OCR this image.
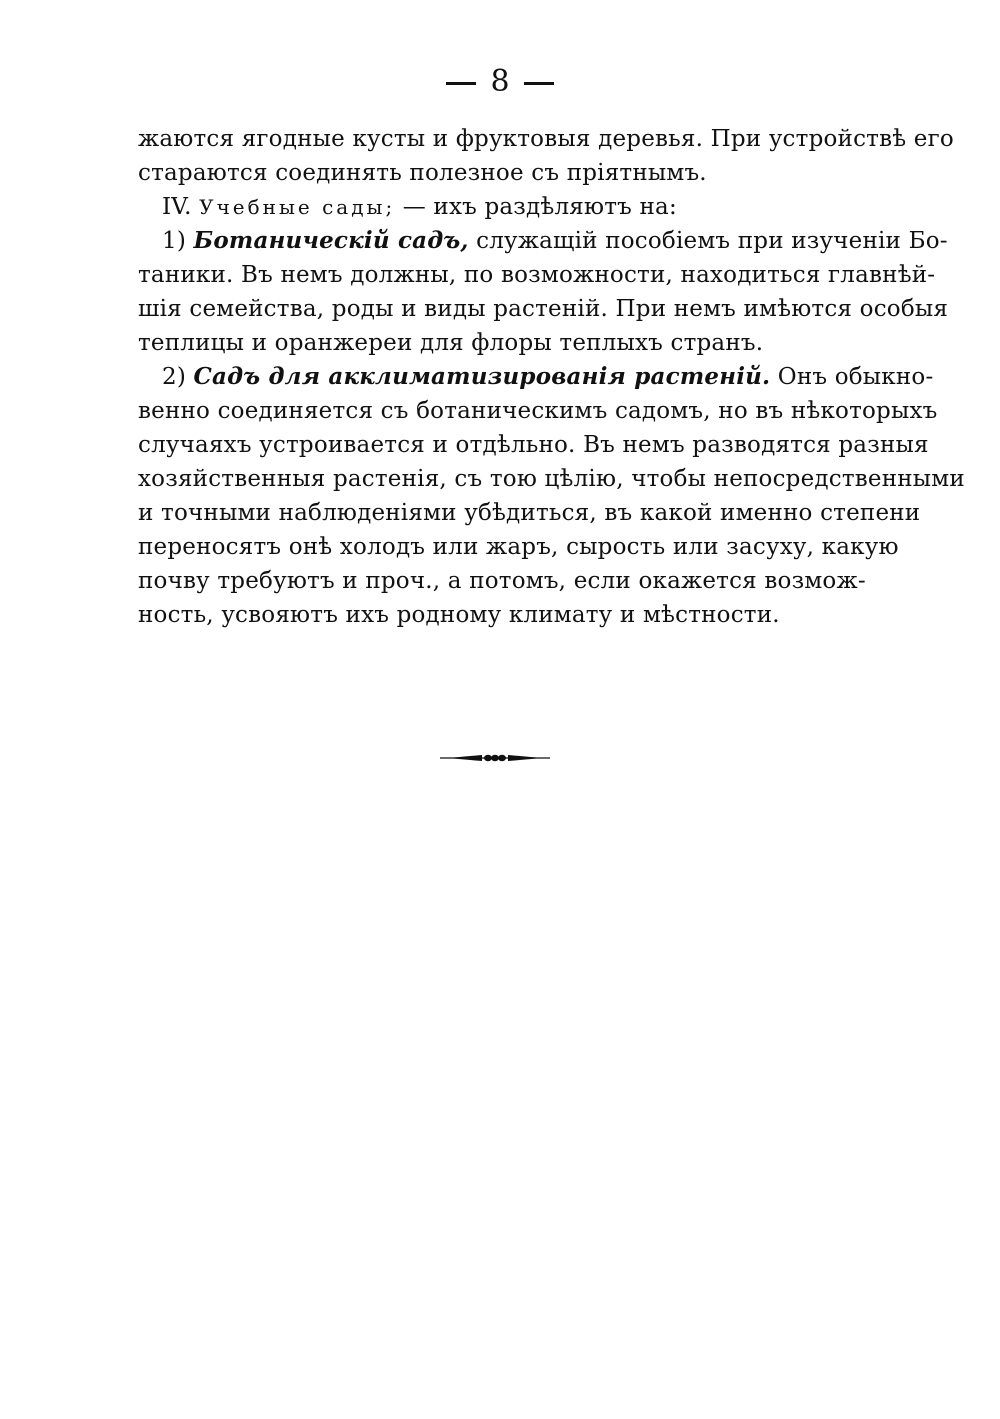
8
жаются ягодные кусты и фруктовыя деревья. При устройствѣ его
стараются соединять полезное съ пріятнымъ.
IV. Учебные сады; — ихъ раздѣляютъ на:
1) Ботаническій садъ, служащій пособіемъ при изученіи Бо-
таники. Въ немъ должны, по возможности, находиться главнѣй-
шія семейства, роды и виды растеній. При немъ имѣются особыя
теплицы и оранжереи для флоры теплыхъ странъ.
2) Садъ для акклиматизированія растеній. Онъ обыкно-
венно соединяется съ ботаническимъ садомъ, но въ нѣкоторыхъ
случаяхъ устроивается и отдѣльно. Въ немъ разводятся разныя
хозяйственныя растенія, съ тою цѣлію, чтобы непосредственными
и точными наблюденіями убѣдиться, въ какой именно степени
переносятъ онѣ холодъ или жаръ, сырость или засуху, какую
почву требуютъ и проч., а потомъ, если окажется возмож-
ность, усвояютъ ихъ родному климату и мѣстности.
